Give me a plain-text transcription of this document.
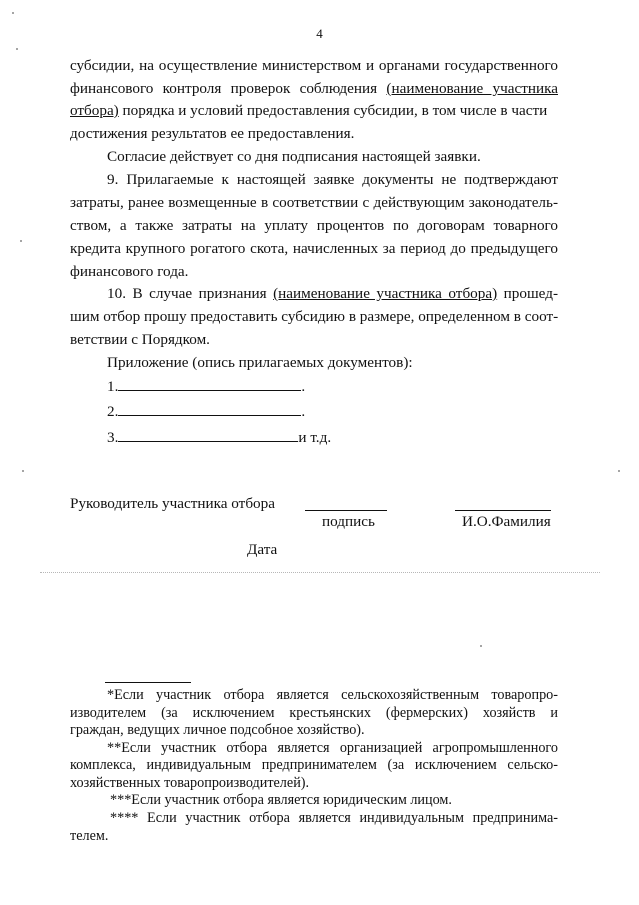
4
субсидии, на осуществление министерством и органами государственного
финансового контроля проверок соблюдения (наименование участника
отбора) порядка и условий предоставления субсидии, в том числе в части
достижения результатов ее предоставления.
Согласие действует со дня подписания настоящей заявки.
9. Прилагаемые к настоящей заявке документы не подтверждают
затраты, ранее возмещенные в соответствии с действующим законодатель-
ством, а также затраты на уплату процентов по договорам товарного
кредита крупного рогатого скота, начисленных за период до предыдущего
финансового года.
10. В случае признания (наименование участника отбора) прошед-
шим отбор прошу предоставить субсидию в размере, определенном в соот-
ветствии с Порядком.
Приложение (опись прилагаемых документов):
1.	.
2.	.
3.	и т.д.
Руководитель участника отбора
подпись	И.О.Фамилия
Дата
*Если участник отбора является сельскохозяйственным товаропро-
изводителем (за исключением крестьянских (фермерских) хозяйств и
граждан, ведущих личное подсобное хозяйство).
**Если участник отбора является организацией агропромышленного
комплекса, индивидуальным предпринимателем (за исключением сельско-
хозяйственных товаропроизводителей).
***Если участник отбора является юридическим лицом.
**** Если участник отбора является индивидуальным предпринима-
телем.
